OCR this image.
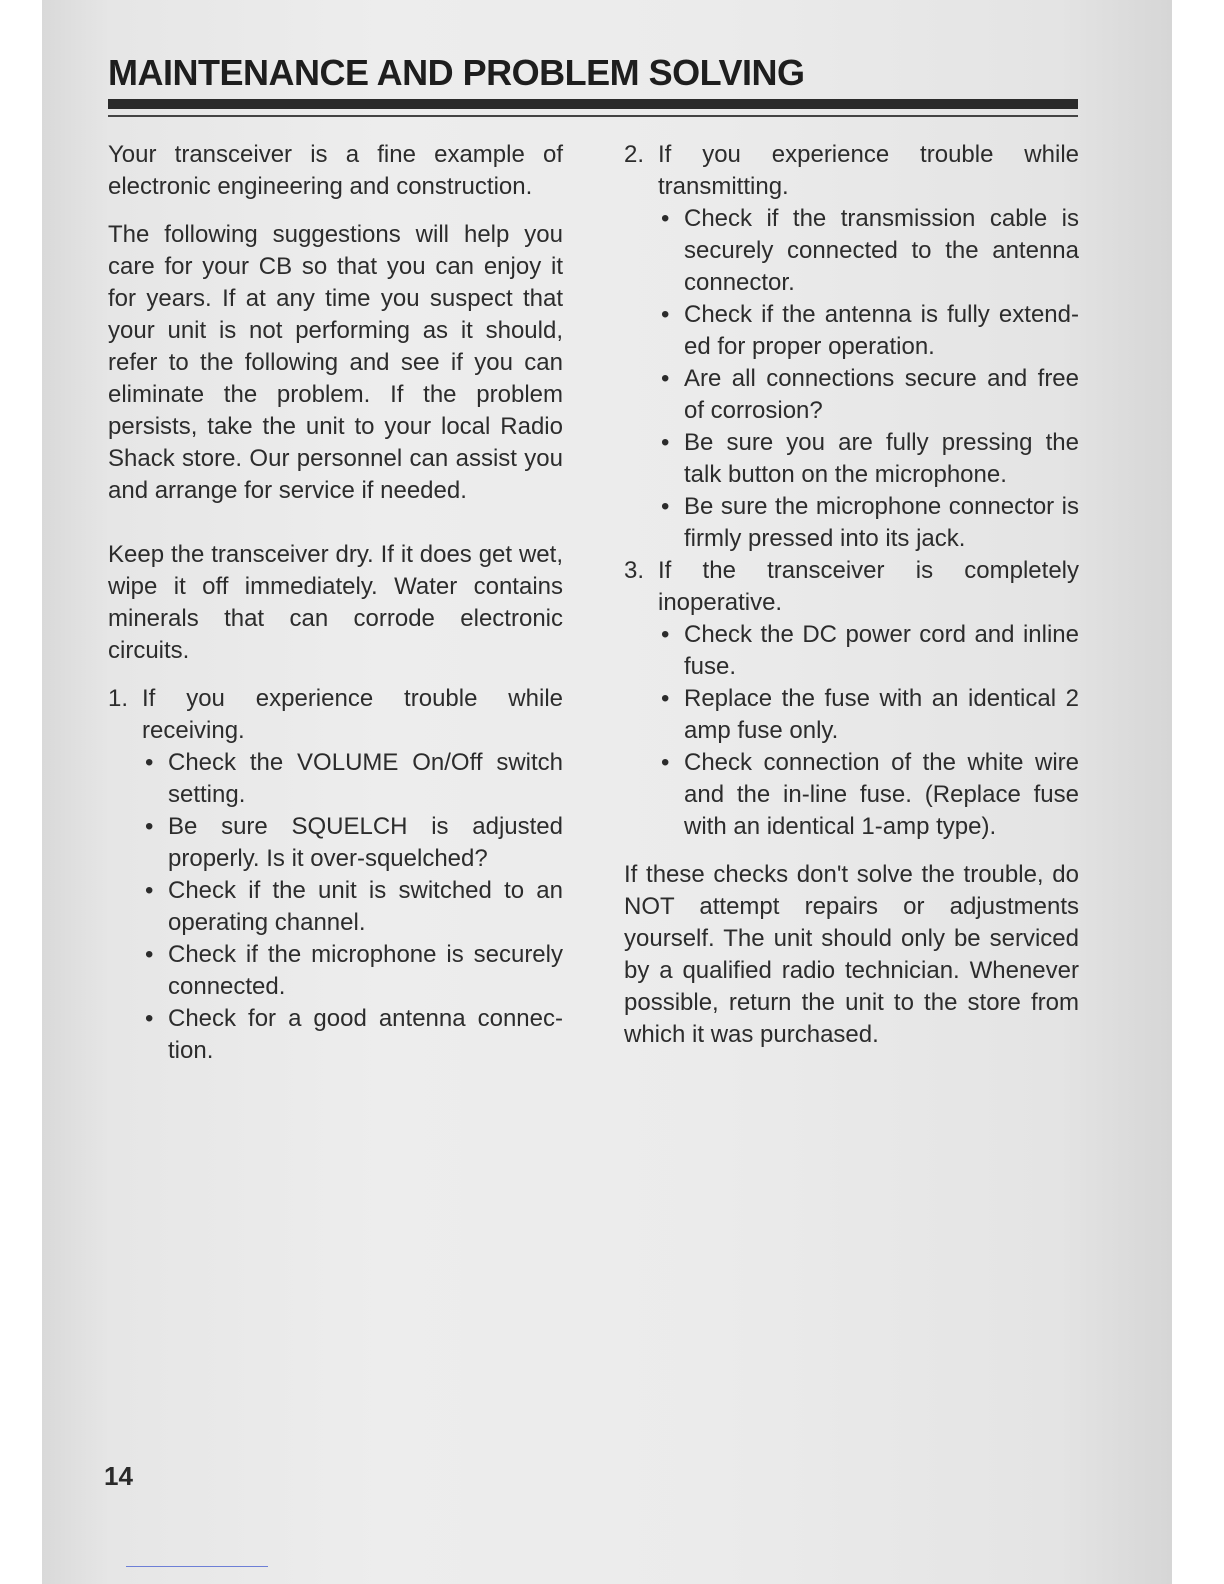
MAINTENANCE AND PROBLEM SOLVING

Your transceiver is a fine example of electronic engineering and construction.

The following suggestions will help you care for your CB so that you can enjoy it for years. If at any time you suspect that your unit is not performing as it should, refer to the following and see if you can eliminate the problem. If the problem persists, take the unit to your local Radio Shack store. Our personnel can assist you and arrange for service if needed.

Keep the transceiver dry. If it does get wet, wipe it off immediately. Water contains minerals that can corrode electronic circuits.

1. If you experience trouble while

receiving.

• Check the VOLUME On/Off switch setting.

• Be sure SQUELCH is adjusted properly. Is it over-squelched?

• Check if the unit is switched to an operating channel.

• Check if the microphone is securely connected.

• Check for a good antenna connection.

2. If you experience trouble while

transmitting.

• Check if the transmission cable is securely connected to the antenna connector.

• Check if the antenna is fully extended for proper operation.

• Are all connections secure and free of corrosion?

• Be sure you are fully pressing the talk button on the microphone.

• Be sure the microphone connector is firmly pressed into its jack.

3. If the transceiver is completely

inoperative.

• Check the DC power cord and inline fuse.

• Replace the fuse with an identical 2 amp fuse only.

• Check connection of the white wire and the in-line fuse. (Replace fuse with an identical 1-amp type).

If these checks don't solve the trouble, do NOT attempt repairs or adjustments yourself. The unit should only be serviced by a qualified radio technician. Whenever possible, return the unit to the store from which it was purchased.

14
